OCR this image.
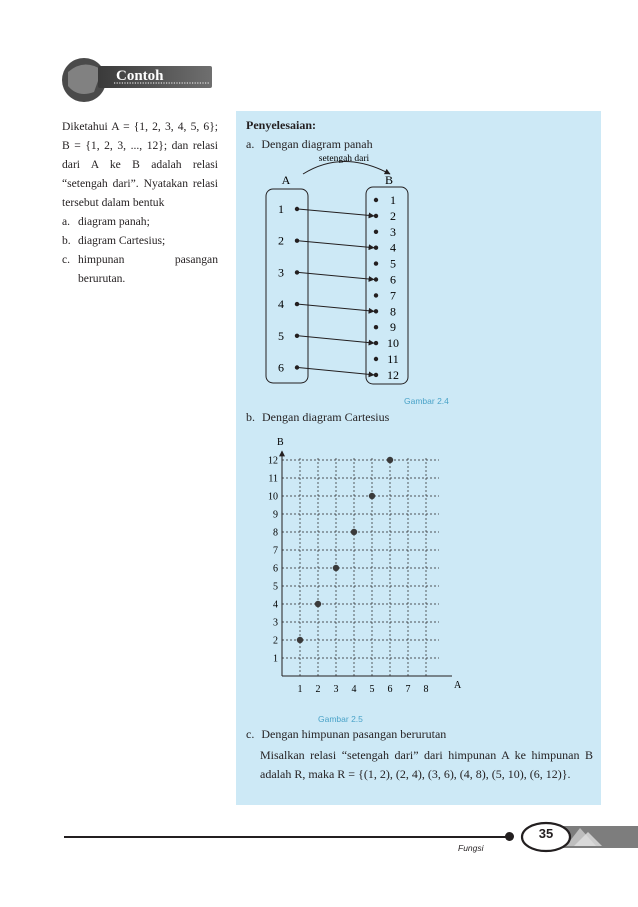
Contoh

Diketahui A = {1, 2, 3, 4, 5, 6}; B = {1, 2, 3, ..., 12}; dan relasi dari A ke B adalah relasi “setengah dari”. Nyatakan relasi tersebut dalam bentuk

a. diagram panah;
b. diagram Cartesius;
c. himpunan pasangan berurutan.
Penyelesaian:
a. Dengan diagram panah
setengah dari
A	B
1
2
3
4
5
6
1
2
3
4
5
6
7
8
9
10
11
12
Gambar 2.4
b. Dengan diagram Cartesius
1
2
3
4
5
6
7
8
9
10
11
12
1 2 3 4 5 6 7 8	A
B
Gambar 2.5
c. Dengan himpunan pasangan berurutan
Misalkan relasi “setengah dari” dari himpunan A ke himpunan B adalah R, maka R = {(1, 2), (2, 4), (3, 6), (4, 8), (5, 10), (6, 12)}.
Fungsi
35
